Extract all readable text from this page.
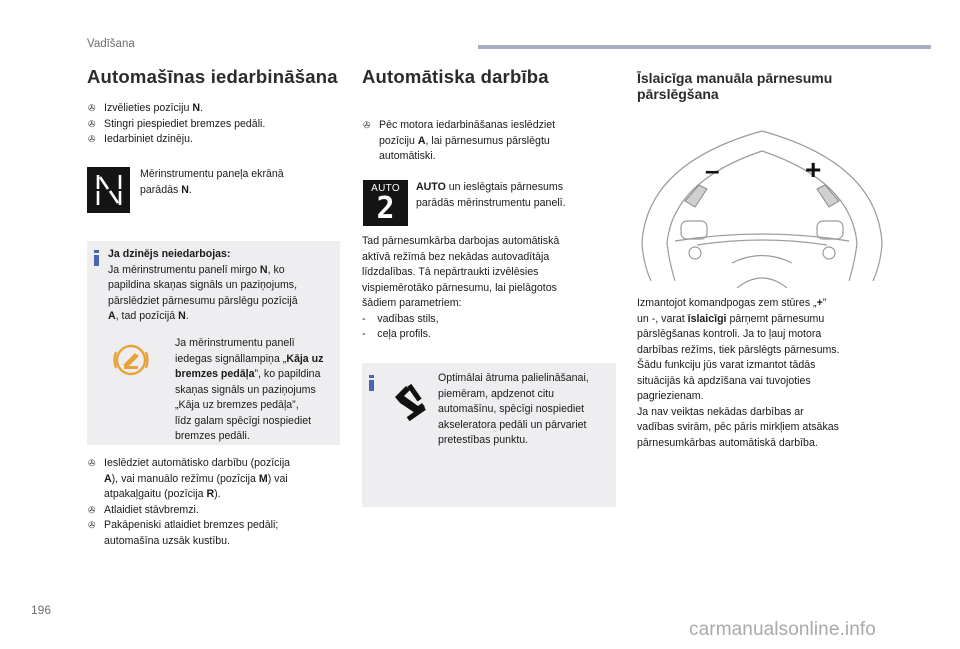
Vadīšana
Automašīnas iedarbināšana
✇ Izvēlieties pozīciju N.
✇ Stingri piespiediet bremzes pedāli.
✇ Iedarbiniet dzinēju.
Mērinstrumentu paneļa ekrānā
parādās N.
Ja dzinējs neiedarbojas:
Ja mērinstrumentu panelī mirgo N, ko
papildina skaņas signāls un paziņojums,
pārslēdziet pārnesumu pārslēgu pozīcijā
A, tad pozīcijā N.
Ja mērinstrumentu panelī
iedegas signāllampiņa „Kāja uz
bremzes pedāļa”, ko papildina
skaņas signāls un paziņojums
„Kāja uz bremzes pedāļa”,
līdz galam spēcīgi nospiediet
bremzes pedāli.
✇ Ieslēdziet automātisko darbību (pozīcija
A), vai manuālo režīmu (pozīcija M) vai
atpakaļgaitu (pozīcija R).
✇ Atlaidiet stāvbremzi.
✇ Pakāpeniski atlaidiet bremzes pedāli;
automašīna uzsāk kustību.
Automātiska darbība
✇ Pēc motora iedarbināšanas ieslēdziet
pozīciju A, lai pārnesumus pārslēgtu
automātiski.
AUTO
2
AUTO un ieslēgtais pārnesums
parādās mērinstrumentu panelī.
Tad pārnesumkārba darbojas automātiskā
aktīvā režīmā bez nekādas autovadītāja
līdzdalības. Tā nepārtraukti izvēlēsies
vispiemērotāko pārnesumu, lai pielāgotos
šādiem parametriem:
-    vadības stils,
-    ceļa profils.
Optimālai ātruma palielināšanai,
piemēram, apdzenot citu
automašīnu, spēcīgi nospiediet
akseleratora pedāli un pārvariet
pretestības punktu.
Īslaicīga manuāla pārnesumu
pārslēgšana
–	+
Izmantojot komandpogas zem stūres „+”
un -, varat īslaicīgi pārņemt pārnesumu
pārslēgšanas kontroli. Ja to ļauj motora
darbības režīms, tiek pārslēgts pārnesums.
Šādu funkciju jūs varat izmantot tādās
situācijās kā apdzīšana vai tuvojoties
pagriezienam.
Ja nav veiktas nekādas darbības ar
vadības svirām, pēc pāris mirkļiem atsākas
pārnesumkārbas automātiskā darbība.
196
carmanualsonline.info
